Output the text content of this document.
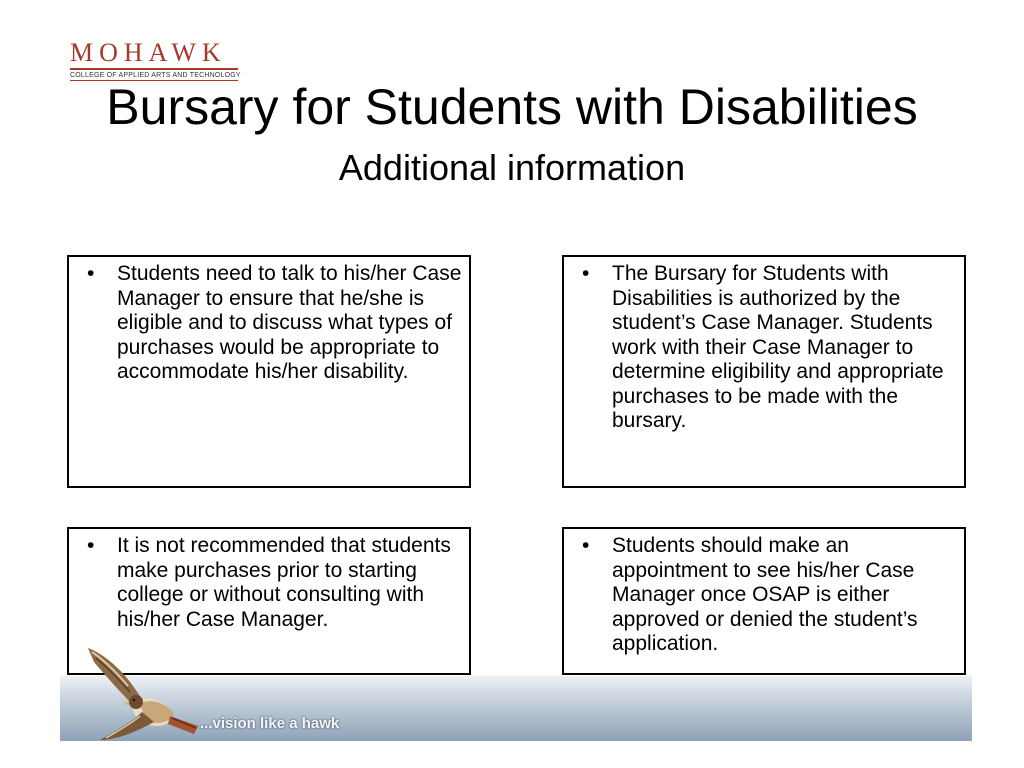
MOHAWK
COLLEGE OF APPLIED ARTS AND TECHNOLOGY
Bursary for Students with Disabilities
Additional information
• Students need to talk to his/her Case Manager to ensure that he/she is eligible and to discuss what types of purchases would be appropriate to accommodate his/her disability.
• The Bursary for Students with Disabilities is authorized by the student’s Case Manager. Students work with their Case Manager to determine eligibility and appropriate purchases to be made with the bursary.
• It is not recommended that students make purchases prior to starting college or without consulting with his/her Case Manager.
• Students should make an appointment to see his/her Case Manager once OSAP is either approved or denied the student’s application.
...vision like a hawk
